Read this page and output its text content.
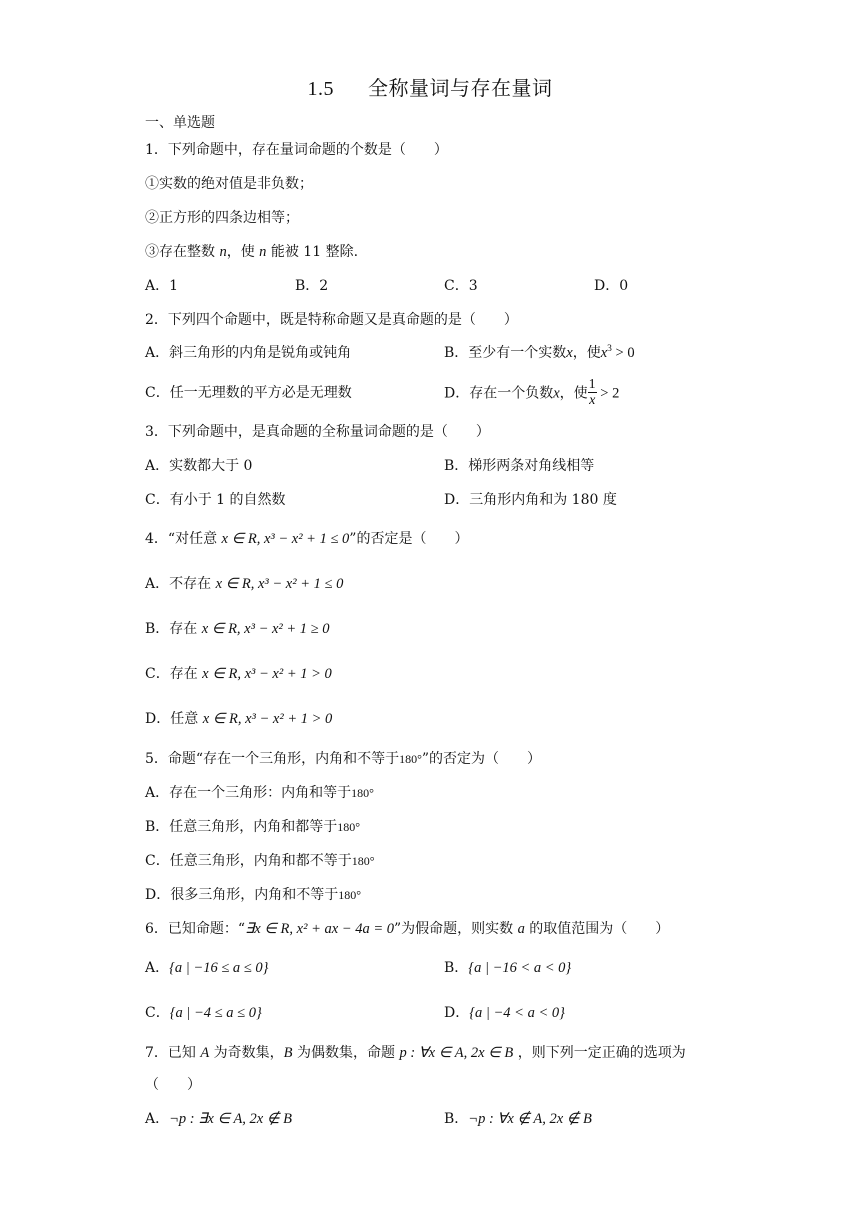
1.5 全称量词与存在量词
一、单选题
1．下列命题中，存在量词命题的个数是（　　）
①实数的绝对值是非负数；
②正方形的四条边相等；
③存在整数 n，使 n 能被 11 整除.
A．1	B．2	C．3	D．0
2．下列四个命题中，既是特称命题又是真命题的是（　　）
A．斜三角形的内角是锐角或钝角	B．至少有一个实数x，使$x^3 > 0$
C．任一无理数的平方必是无理数	D．存在一个负数x，使 $\frac{1}{x} > 2$
3．下列命题中，是真命题的全称量词命题的是（　　）
A．实数都大于 0	B．梯形两条对角线相等
C．有小于 1 的自然数	D．三角形内角和为 180 度
4．“对任意 x ∈ R, x³ − x² + 1 ≤ 0”的否定是（　　）
A．不存在 x ∈ R, x³ − x² + 1 ≤ 0
B．存在 x ∈ R, x³ − x² + 1 ≥ 0
C．存在 x ∈ R, x³ − x² + 1 > 0
D．任意 x ∈ R, x³ − x² + 1 > 0
5．命题“存在一个三角形，内角和不等于180°”的否定为（　　）
A．存在一个三角形：内角和等于180°
B．任意三角形，内角和都等于180°
C．任意三角形，内角和都不等于180°
D．很多三角形，内角和不等于180°
6．已知命题：“∃x ∈ R, x² + ax − 4a = 0”为假命题，则实数 a 的取值范围为（　　）
A．{a | −16 ≤ a ≤ 0}	B．{a | −16 < a < 0}
C．{a | −4 ≤ a ≤ 0}	D．{a | −4 < a < 0}
7．已知 A 为奇数集，B 为偶数集，命题 p : ∀x ∈ A, 2x ∈ B ，则下列一定正确的选项为
（　　）
A．¬p : ∃x ∈ A, 2x ∉ B	B．¬p : ∀x ∉ A, 2x ∉ B
